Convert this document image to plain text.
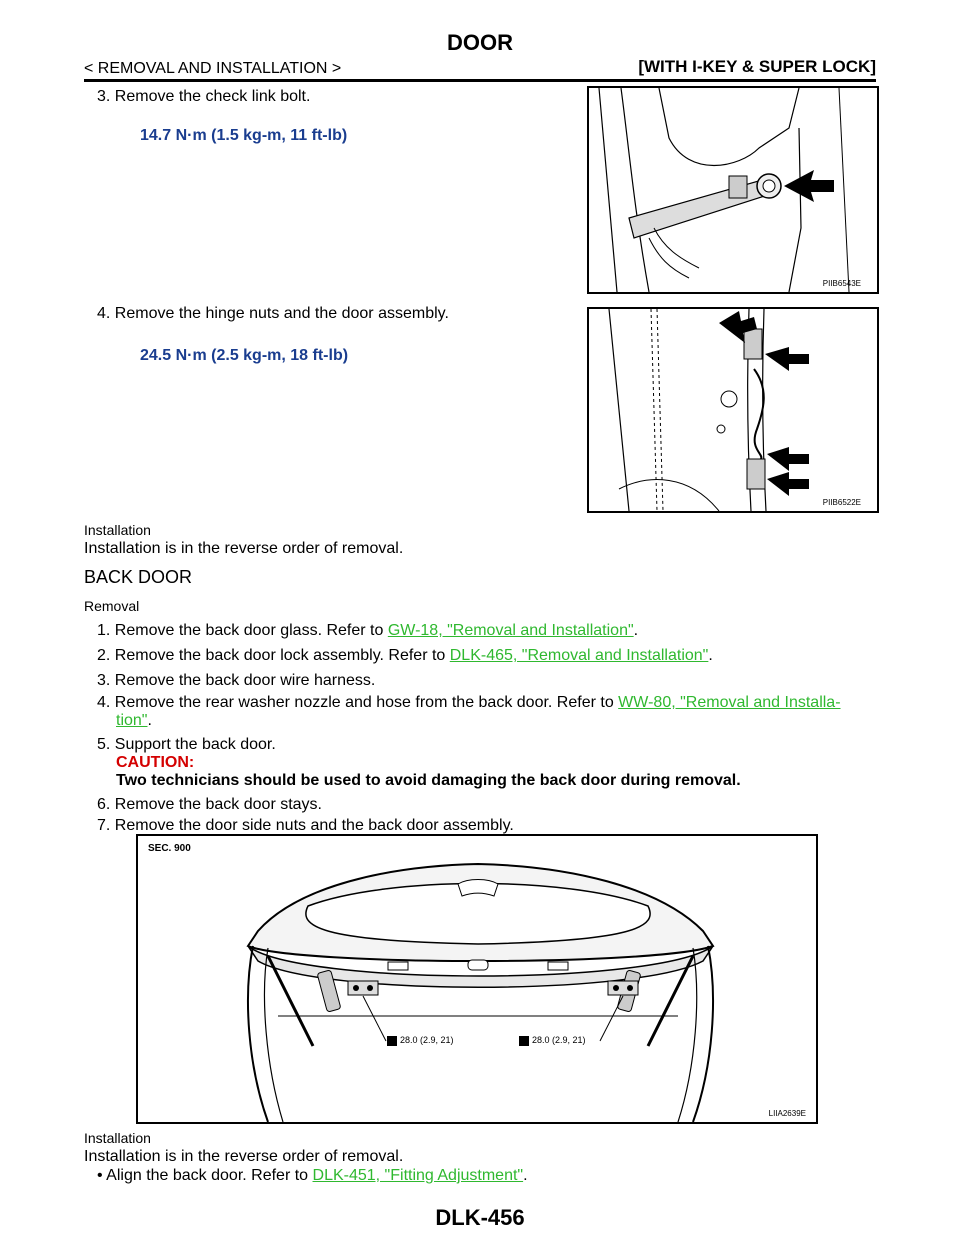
DOOR
< REMOVAL AND INSTALLATION >	[WITH I-KEY & SUPER LOCK]
3. Remove the check link bolt.
14.7 N·m (1.5 kg-m, 11 ft-lb)
PIIB6543E
4. Remove the hinge nuts and the door assembly.
24.5 N·m (2.5 kg-m, 18 ft-lb)
PIIB6522E
Installation
Installation is in the reverse order of removal.
BACK DOOR
Removal
1. Remove the back door glass. Refer to GW-18, "Removal and Installation".
2. Remove the back door lock assembly. Refer to DLK-465, "Removal and Installation".
3. Remove the back door wire harness.
4. Remove the rear washer nozzle and hose from the back door. Refer to WW-80, "Removal and Installa-
tion".
5. Support the back door.
CAUTION:
Two technicians should be used to avoid damaging the back door during removal.
6. Remove the back door stays.
7. Remove the door side nuts and the back door assembly.
SEC. 900
28.0 (2.9, 21)	28.0 (2.9, 21)
LIIA2639E
Installation
Installation is in the reverse order of removal.
• Align the back door. Refer to DLK-451, "Fitting Adjustment".
DLK-456
